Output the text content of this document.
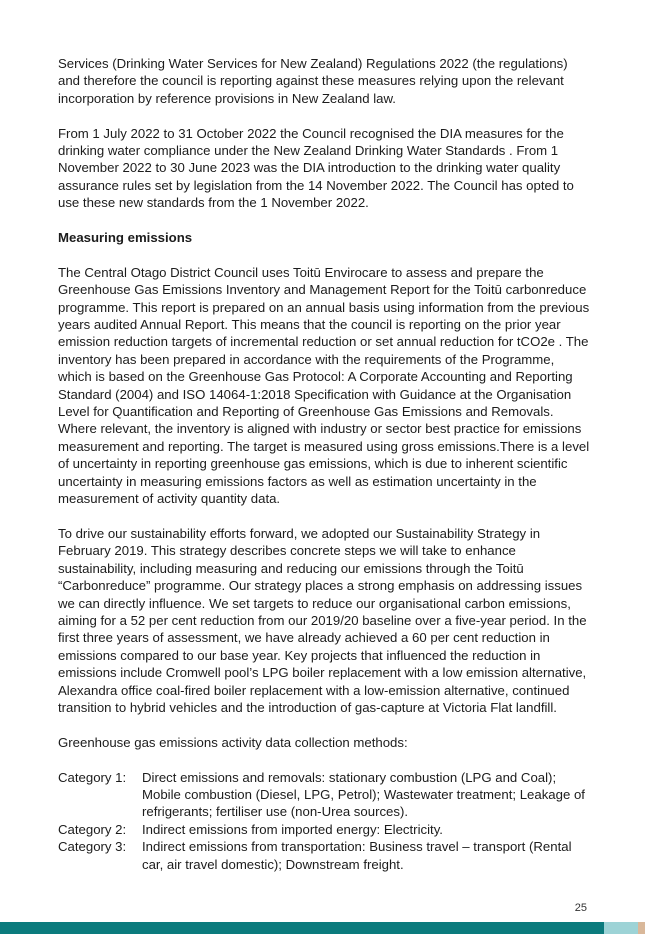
Services (Drinking Water Services for New Zealand) Regulations 2022 (the regulations) and therefore the council is reporting against these measures relying upon the relevant incorporation by reference provisions in New Zealand law.

From 1 July 2022 to 31 October 2022 the Council recognised the DIA measures for the drinking water compliance under the New Zealand Drinking Water Standards . From 1 November 2022 to 30 June 2023 was the DIA introduction to the drinking water quality assurance rules set by legislation from the 14 November 2022. The Council has opted to use these new standards from the 1 November 2022.

Measuring emissions

The Central Otago District Council uses Toitū Envirocare to assess and prepare the Greenhouse Gas Emissions Inventory and Management Report for the Toitū carbonreduce programme. This report is prepared on an annual basis using information from the previous years audited Annual Report. This means that the council is reporting on the prior year emission reduction targets of incremental reduction or set annual reduction for tCO2e . The inventory has been prepared in accordance with the requirements of the Programme, which is based on the Greenhouse Gas Protocol: A Corporate Accounting and Reporting Standard (2004) and ISO 14064-1:2018 Specification with Guidance at the Organisation Level for Quantification and Reporting of Greenhouse Gas Emissions and Removals. Where relevant, the inventory is aligned with industry or sector best practice for emissions measurement and reporting. The target is measured using gross emissions.There is a level of uncertainty in reporting greenhouse gas emissions, which is due to inherent scientific uncertainty in measuring emissions factors as well as estimation uncertainty in the measurement of activity quantity data.

To drive our sustainability efforts forward, we adopted our Sustainability Strategy in February 2019. This strategy describes concrete steps we will take to enhance sustainability, including measuring and reducing our emissions through the Toitū “Carbonreduce” programme. Our strategy places a strong emphasis on addressing issues we can directly influence. We set targets to reduce our organisational carbon emissions, aiming for a 52 per cent reduction from our 2019/20 baseline over a five-year period. In the first three years of assessment, we have already achieved a 60 per cent reduction in emissions compared to our base year. Key projects that influenced the reduction in emissions include Cromwell pool’s LPG boiler replacement with a low emission alternative, Alexandra office coal-fired boiler replacement with a low-emission alternative, continued transition to hybrid vehicles and the introduction of gas-capture at Victoria Flat landfill.

Greenhouse gas emissions activity data collection methods:

Category 1:	Direct emissions and removals: stationary combustion (LPG and Coal); Mobile combustion (Diesel, LPG, Petrol); Wastewater treatment; Leakage of refrigerants; fertiliser use (non-Urea sources).
Category 2:	Indirect emissions from imported energy: Electricity.
Category 3:	Indirect emissions from transportation: Business travel – transport (Rental car, air travel domestic); Downstream freight.
25
